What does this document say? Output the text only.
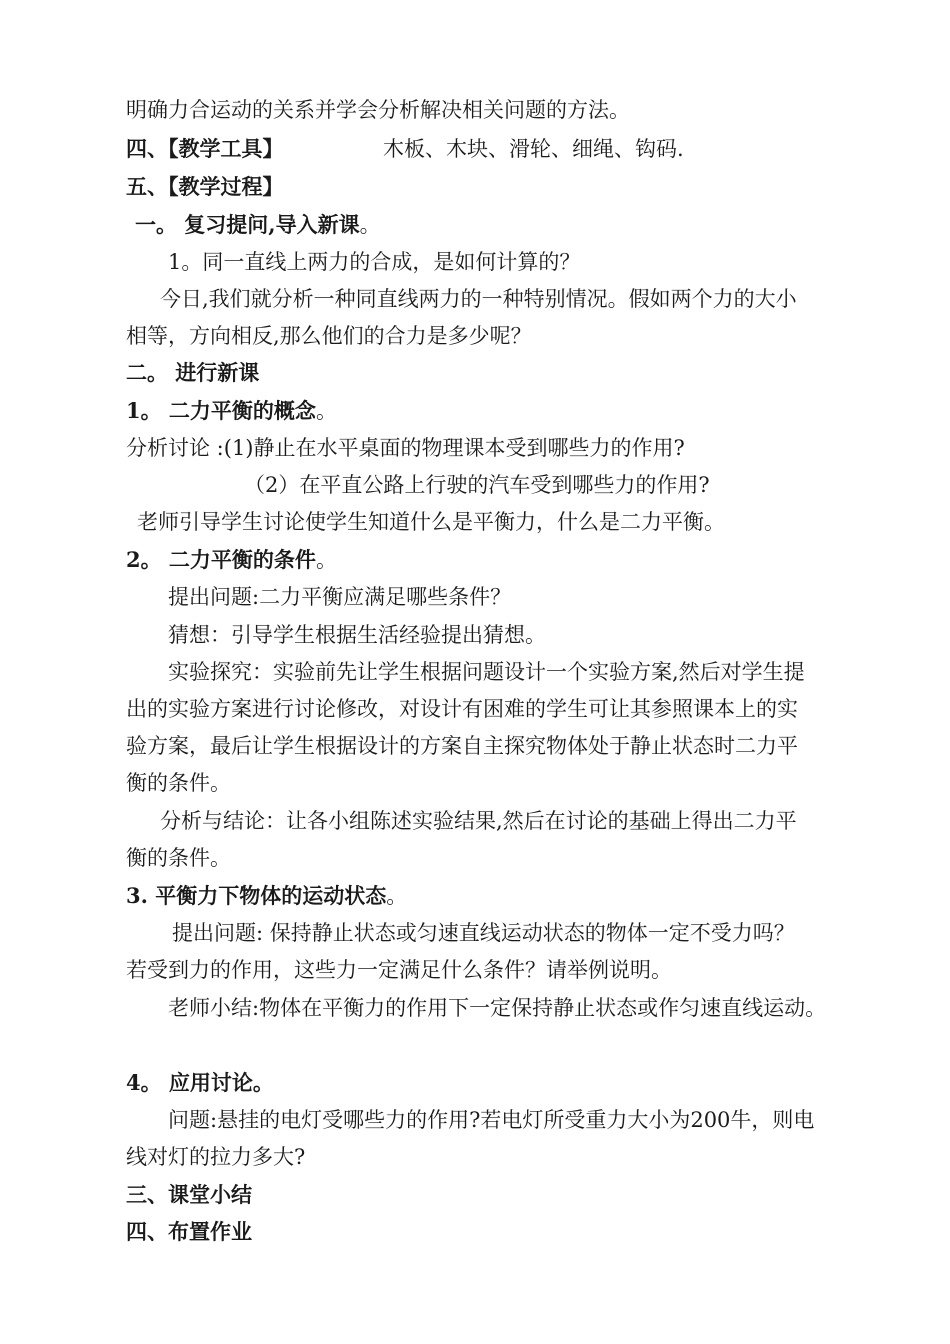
明确力合运动的关系并学会分析解决相关问题的方法。
四、【教学工具】	木板、木块、滑轮、细绳、钩码.
五、【教学过程】
一。 复习提问,导入新课。
1。同一直线上两力的合成，是如何计算的？
今日,我们就分析一种同直线两力的一种特别情况。假如两个力的大小
相等，方向相反,那么他们的合力是多少呢？
二。 进行新课
1。 二力平衡的概念。
分析讨论 :(1)静止在水平桌面的物理课本受到哪些力的作用?
（2）在平直公路上行驶的汽车受到哪些力的作用?
老师引导学生讨论使学生知道什么是平衡力，什么是二力平衡。
2。 二力平衡的条件。
提出问题:二力平衡应满足哪些条件？
猜想：引导学生根据生活经验提出猜想。
实验探究：实验前先让学生根据问题设计一个实验方案,然后对学生提
出的实验方案进行讨论修改，对设计有困难的学生可让其参照课本上的实
验方案，最后让学生根据设计的方案自主探究物体处于静止状态时二力平
衡的条件。
分析与结论：让各小组陈述实验结果,然后在讨论的基础上得出二力平
衡的条件。
3. 平衡力下物体的运动状态。
提出问题: 保持静止状态或匀速直线运动状态的物体一定不受力吗？
若受到力的作用，这些力一定满足什么条件？请举例说明。
老师小结:物体在平衡力的作用下一定保持静止状态或作匀速直线运动。
4。 应用讨论。
问题:悬挂的电灯受哪些力的作用?若电灯所受重力大小为200牛，则电
线对灯的拉力多大?
三、课堂小结
四、布置作业
